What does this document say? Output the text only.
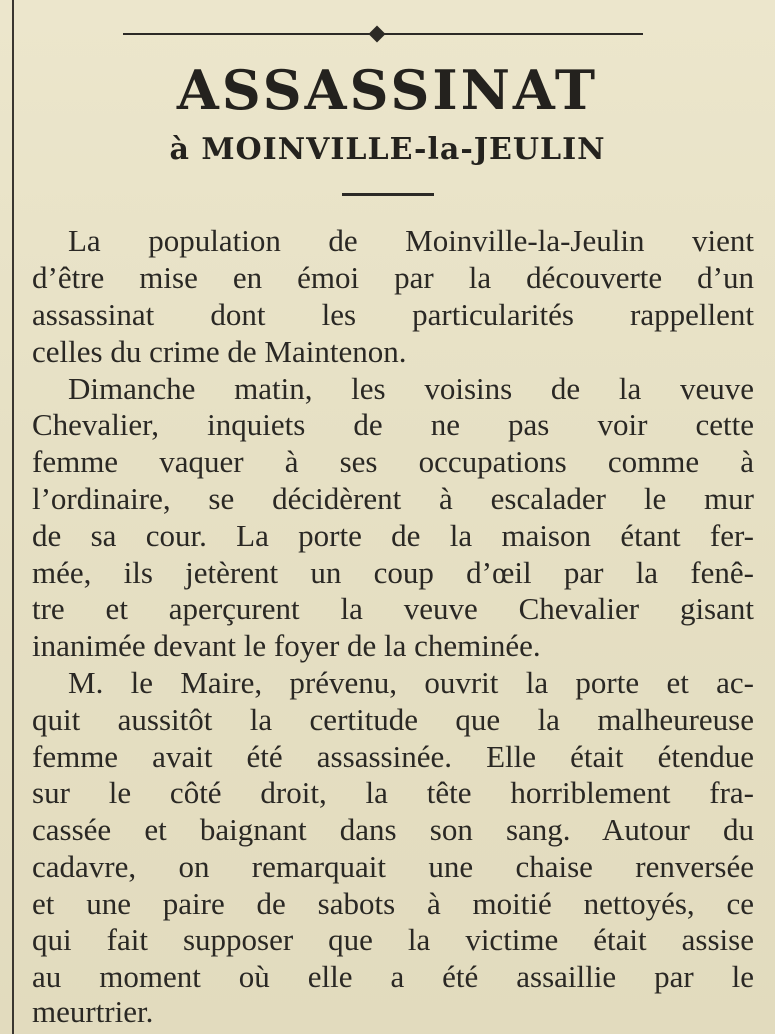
ASSASSINAT
à MOINVILLE-la-JEULIN
La population de Moinville-la-Jeulin vient
d’être mise en émoi par la découverte d’un
assassinat dont les particularités rappellent
celles du crime de Maintenon.
Dimanche matin, les voisins de la veuve
Chevalier, inquiets de ne pas voir cette
femme vaquer à ses occupations comme à
l’ordinaire, se décidèrent à escalader le mur
de sa cour. La porte de la maison étant fer-
mée, ils jetèrent un coup d’œil par la fenê-
tre et aperçurent la veuve Chevalier gisant
inanimée devant le foyer de la cheminée.
M. le Maire, prévenu, ouvrit la porte et ac-
quit aussitôt la certitude que la malheureuse
femme avait été assassinée. Elle était étendue
sur le côté droit, la tête horriblement fra-
cassée et baignant dans son sang. Autour du
cadavre, on remarquait une chaise renversée
et une paire de sabots à moitié nettoyés, ce
qui fait supposer que la victime était assise
au moment où elle a été assaillie par le
meurtrier.
